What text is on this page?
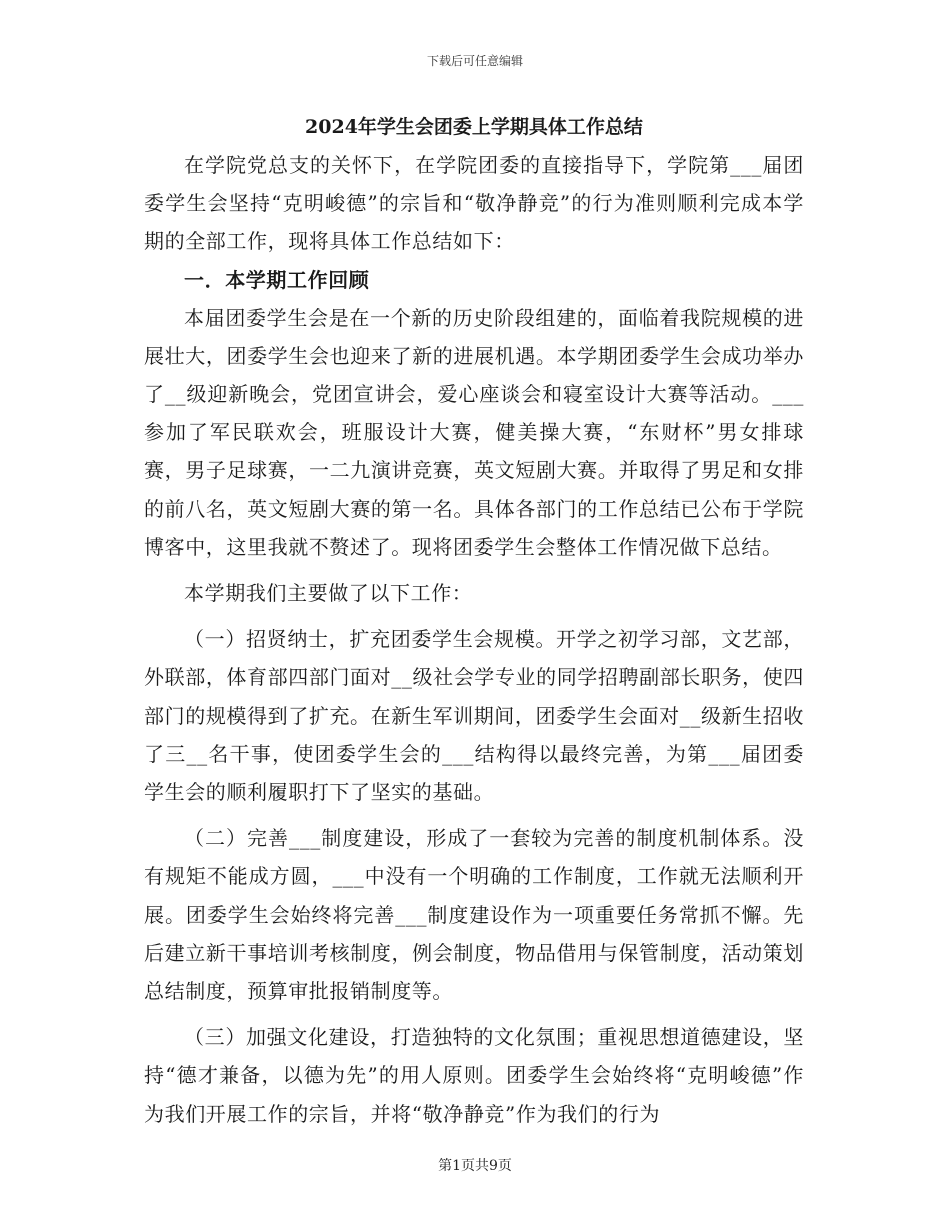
下载后可任意编辑
2024年学生会团委上学期具体工作总结

在学院党总支的关怀下，在学院团委的直接指导下，学院第___届团委学生会坚持“克明峻德”的宗旨和“敬净静竞”的行为准则顺利完成本学期的全部工作，现将具体工作总结如下：

一．本学期工作回顾

本届团委学生会是在一个新的历史阶段组建的，面临着我院规模的进展壮大，团委学生会也迎来了新的进展机遇。本学期团委学生会成功举办了__级迎新晚会，党团宣讲会，爱心座谈会和寝室设计大赛等活动。___参加了军民联欢会，班服设计大赛，健美操大赛，“东财杯”男女排球赛，男子足球赛，一二九演讲竞赛，英文短剧大赛。并取得了男足和女排的前八名，英文短剧大赛的第一名。具体各部门的工作总结已公布于学院博客中，这里我就不赘述了。现将团委学生会整体工作情况做下总结。

本学期我们主要做了以下工作：

（一）招贤纳士，扩充团委学生会规模。开学之初学习部，文艺部，外联部，体育部四部门面对__级社会学专业的同学招聘副部长职务，使四部门的规模得到了扩充。在新生军训期间，团委学生会面对__级新生招收了三__名干事，使团委学生会的___结构得以最终完善，为第___届团委学生会的顺利履职打下了坚实的基础。

（二）完善___制度建设，形成了一套较为完善的制度机制体系。没有规矩不能成方圆，___中没有一个明确的工作制度，工作就无法顺利开展。团委学生会始终将完善___制度建设作为一项重要任务常抓不懈。先后建立新干事培训考核制度，例会制度，物品借用与保管制度，活动策划总结制度，预算审批报销制度等。

（三）加强文化建设，打造独特的文化氛围；重视思想道德建设，坚持“德才兼备，以德为先”的用人原则。团委学生会始终将“克明峻德”作为我们开展工作的宗旨，并将“敬净静竞”作为我们的行为

第1页共9页
